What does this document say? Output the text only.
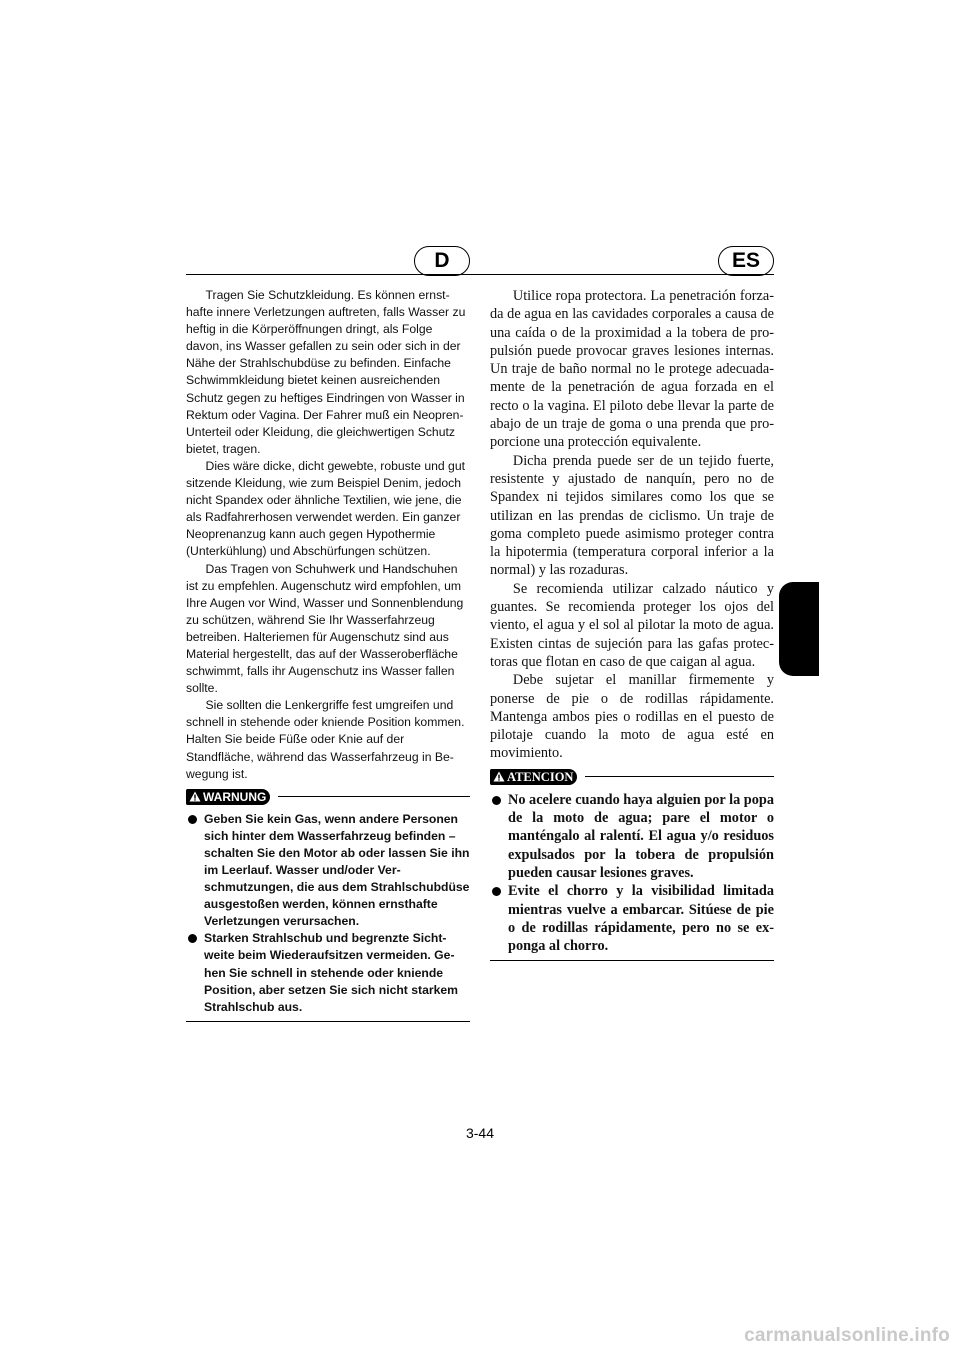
D	ES

Tragen Sie Schutzkleidung. Es können ernsthafte innere Verletzungen auftreten, falls Wasser zu heftig in die Körperöffnungen dringt, als Folge davon, ins Wasser gefallen zu sein oder sich in der Nähe der Strahlschubdüse zu befinden. Einfache Schwimmkleidung bietet keinen ausreichenden Schutz gegen zu heftiges Eindringen von Wasser in Rektum oder Vagina. Der Fahrer muß ein Neopren-Unterteil oder Kleidung, die gleichwertigen Schutz bietet, tragen.

Dies wäre dicke, dicht gewebte, robuste und gut sitzende Kleidung, wie zum Beispiel Denim, jedoch nicht Spandex oder ähnliche Textilien, wie jene, die als Radfahrerhosen verwendet werden. Ein ganzer Neoprenanzug kann auch gegen Hypothermie (Unterkühlung) und Abschürfungen schützen.

Das Tragen von Schuhwerk und Handschuhen ist zu empfehlen. Augenschutz wird empfohlen, um Ihre Augen vor Wind, Wasser und Sonnenblendung zu schützen, während Sie Ihr Wasserfahrzeug betreiben. Halteriemen für Augenschutz sind aus Material hergestellt, das auf der Wasseroberfläche schwimmt, falls ihr Augenschutz ins Wasser fallen sollte.

Sie sollten die Lenkergriffe fest umgreifen und schnell in stehende oder kniende Position kommen. Halten Sie beide Füße oder Knie auf der Standfläche, während das Wasserfahrzeug in Bewegung ist.

WARNUNG
Geben Sie kein Gas, wenn andere Personen sich hinter dem Wasserfahrzeug befinden – schalten Sie den Motor ab oder lassen Sie ihn im Leerlauf. Wasser und/oder Verschmutzungen, die aus dem Strahlschubdüse ausgestoßen werden, können ernsthafte Verletzungen verursachen.
Starken Strahlschub und begrenzte Sichtweite beim Wiederaufsitzen vermeiden. Gehen Sie schnell in stehende oder kniende Position, aber setzen Sie sich nicht starkem Strahlschub aus.

Utilice ropa protectora. La penetración forzada de agua en las cavidades corporales a causa de una caída o de la proximidad a la tobera de propulsión puede provocar graves lesiones internas. Un traje de baño normal no le protege adecuadamente de la penetración de agua forzada en el recto o la vagina. El piloto debe llevar la parte de abajo de un traje de goma o una prenda que proporcione una protección equivalente.

Dicha prenda puede ser de un tejido fuerte, resistente y ajustado de nanquín, pero no de Spandex ni tejidos similares como los que se utilizan en las prendas de ciclismo. Un traje de goma completo puede asimismo proteger contra la hipotermia (temperatura corporal inferior a la normal) y las rozaduras.

Se recomienda utilizar calzado náutico y guantes. Se recomienda proteger los ojos del viento, el agua y el sol al pilotar la moto de agua. Existen cintas de sujeción para las gafas protectoras que flotan en caso de que caigan al agua.

Debe sujetar el manillar firmemente y ponerse de pie o de rodillas rápidamente. Mantenga ambos pies o rodillas en el puesto de pilotaje cuando la moto de agua esté en movimiento.

ATENCION
No acelere cuando haya alguien por la popa de la moto de agua; pare el motor o manténgalo al ralentí. El agua y/o residuos expulsados por la tobera de propulsión pueden causar lesiones graves.
Evite el chorro y la visibilidad limitada mientras vuelve a embarcar. Sitúese de pie o de rodillas rápidamente, pero no se exponga al chorro.
3-44
carmanualsonline.info
